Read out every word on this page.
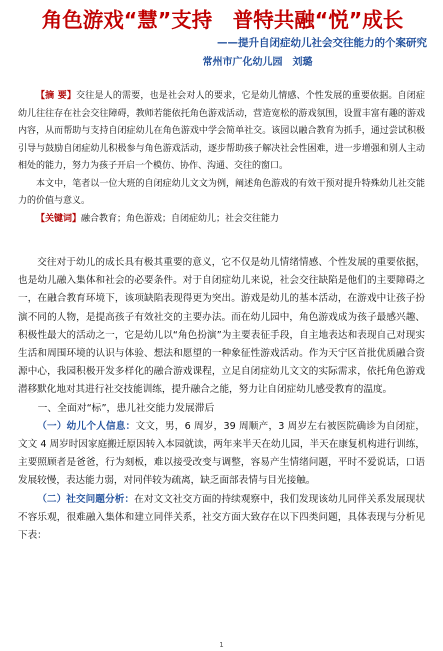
角色游戏“慧”支持　普特共融“悦”成长
——提升自闭症幼儿社会交往能力的个案研究
常州市广化幼儿园　刘璐

【摘 要】交往是人的需要，也是社会对人的要求，它是幼儿情感、个性发展的重要依据。自闭症幼儿往往存在社会交往障碍，教师若能依托角色游戏活动，营造宽松的游戏氛围，设置丰富有趣的游戏内容，从而帮助与支持自闭症幼儿在角色游戏中学会简单社交。该园以融合教育为抓手，通过尝试积极引导与鼓励自闭症幼儿积极参与角色游戏活动，逐步帮助孩子解决社会性困难，进一步增强和别人主动相处的能力，努力为孩子开启一个模仿、协作、沟通、交往的窗口。

本文中，笔者以一位大班的自闭症幼儿文文为例，阐述角色游戏的有效干预对提升特殊幼儿社交能力的价值与意义。

【关键词】融合教育；角色游戏；自闭症幼儿；社会交往能力

交往对于幼儿的成长具有极其重要的意义，它不仅是幼儿情绪情感、个性发展的重要依据，也是幼儿融入集体和社会的必要条件。对于自闭症幼儿来说，社会交往缺陷是他们的主要障碍之一，在融合教育环境下，该项缺陷表现得更为突出。游戏是幼儿的基本活动，在游戏中让孩子扮演不同的人物，是提高孩子有效社交的主要办法。而在幼儿园中，角色游戏成为孩子最感兴趣、积极性最大的活动之一，它是幼儿以“角色扮演”为主要表征手段，自主地表达和表现自己对现实生活和周围环境的认识与体验、想法和愿望的一种象征性游戏活动。作为天宁区首批优质融合资源中心，我园积极开发多样化的融合游戏课程，立足自闭症幼儿文文的实际需求，依托角色游戏潜移默化地对其进行社交技能训练，提升融合之能，努力让自闭症幼儿感受教育的温度。

一、全面对“标”，患儿社交能力发展滞后

（一）幼儿个人信息：文文，男，6 周岁，39 周顺产，3 周岁左右被医院确诊为自闭症，文文 4 周岁时因家庭搬迁原因转入本园就读，两年来半天在幼儿园，半天在康复机构进行训练，主要照顾者是爸爸，行为刻板，难以接受改变与调整，容易产生情绪问题，平时不爱说话，口语发展较慢，表达能力弱，对同伴较为疏离，缺乏面部表情与目光接触。

（二）社交问题分析：在对文文社交方面的持续观察中，我们发现该幼儿同伴关系发展现状不容乐观，很难融入集体和建立同伴关系，社交方面大致存在以下四类问题，具体表现与分析见下表：

1
